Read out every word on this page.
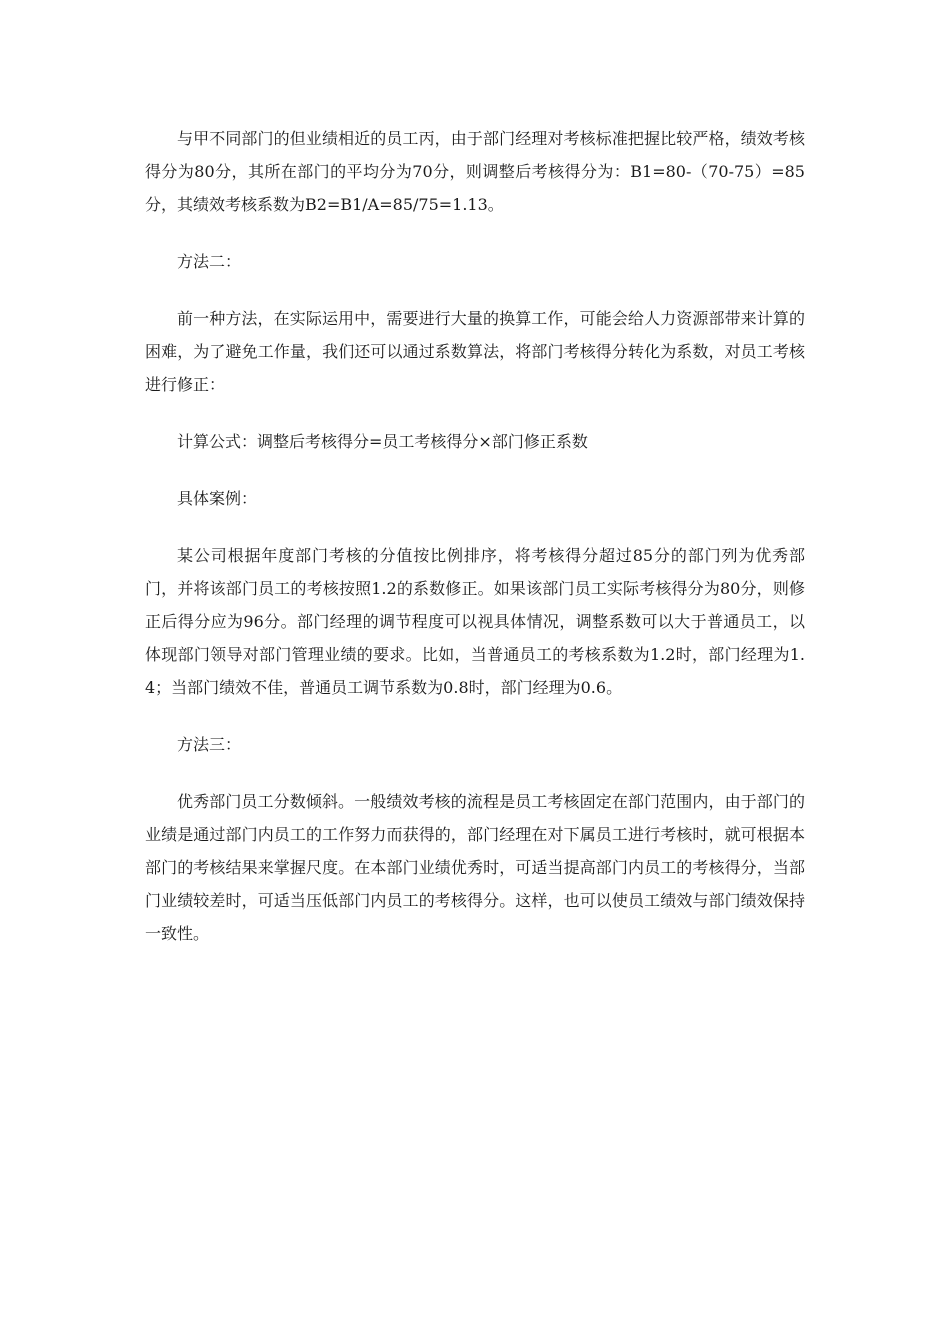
与甲不同部门的但业绩相近的员工丙，由于部门经理对考核标准把握比较严格，绩效考核得分为80分，其所在部门的平均分为70分，则调整后考核得分为：B1=80-（70-75）=85分，其绩效考核系数为B2=B1/A=85/75=1.13。

方法二：

前一种方法，在实际运用中，需要进行大量的换算工作，可能会给人力资源部带来计算的困难，为了避免工作量，我们还可以通过系数算法，将部门考核得分转化为系数，对员工考核进行修正：

计算公式：调整后考核得分=员工考核得分×部门修正系数

具体案例：

某公司根据年度部门考核的分值按比例排序，将考核得分超过85分的部门列为优秀部门，并将该部门员工的考核按照1.2的系数修正。如果该部门员工实际考核得分为80分，则修正后得分应为96分。部门经理的调节程度可以视具体情况，调整系数可以大于普通员工，以体现部门领导对部门管理业绩的要求。比如，当普通员工的考核系数为1.2时，部门经理为1.4；当部门绩效不佳，普通员工调节系数为0.8时，部门经理为0.6。

方法三：

优秀部门员工分数倾斜。一般绩效考核的流程是员工考核固定在部门范围内，由于部门的业绩是通过部门内员工的工作努力而获得的，部门经理在对下属员工进行考核时，就可根据本部门的考核结果来掌握尺度。在本部门业绩优秀时，可适当提高部门内员工的考核得分，当部门业绩较差时，可适当压低部门内员工的考核得分。这样，也可以使员工绩效与部门绩效保持一致性。
